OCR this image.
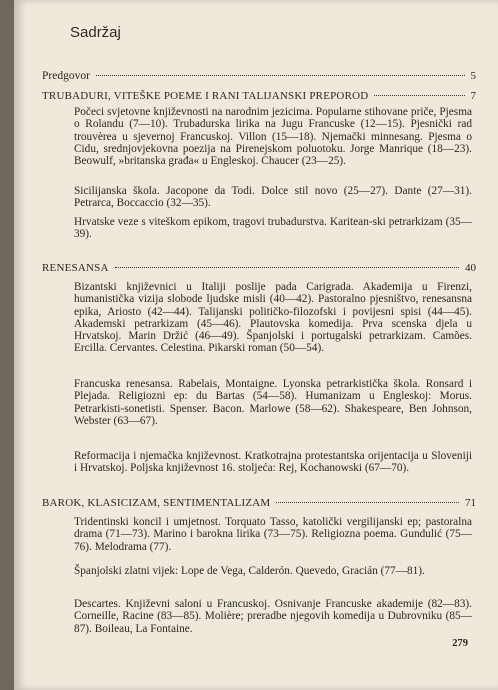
Sadržaj
Predgovor	5
TRUBADURI, VITEŠKE POEME I RANI TALIJANSKI PREPOROD	7

Počeci svjetovne književnosti na narodnim jezicima. Popularne stihovane priče, Pjesma o Rolandu (7—10). Trubadurska lirika na Jugu Francuske (12—15). Pjesnički rad trouvèrea u sjevernoj Francuskoj. Villon (15—18). Njemački minnesang. Pjesma o Cidu, srednjovjekovna poezija na Pirenejskom poluotoku. Jorge Manrique (18—23). Beowulf, »britanska građa« u Engleskoj. Chaucer (23—25).

Sicilijanska škola. Jacopone da Todi. Dolce stil novo (25—27). Dante (27—31). Petrarca, Boccaccio (32—35).

Hrvatske veze s viteškom epikom, tragovi trubadurstva. Karitean-ski petrarkizam (35—39).

RENESANSA	40

Bizantski književnici u Italiji poslije pada Carigrada. Akademija u Firenzi, humanistička vizija slobode ljudske misli (40—42). Pastoralno pjesništvo, renesansna epika, Ariosto (42—44). Talijanski političko-filozofski i povijesni spisi (44—45). Akademski petrarkizam (45—46). Plautovska komedija. Prva scenska djela u Hrvatskoj. Marin Držić (46—49). Španjolski i portugalski petrarkizam. Camões. Ercilla. Cervantes. Celestina. Pikarski roman (50—54).

Francuska renesansa. Rabelais, Montaigne. Lyonska petrarkistička škola. Ronsard i Plejada. Religiozni ep: du Bartas (54—58). Humanizam u Engleskoj: Morus. Petrarkisti-sonetisti. Spenser. Bacon. Marlowe (58—62). Shakespeare, Ben Johnson, Webster (63—67).

Reformacija i njemačka književnost. Kratkotrajna protestantska orijentacija u Sloveniji i Hrvatskoj. Poljska književnost 16. stoljeća: Rej, Kochanowski (67—70).

BAROK, KLASICIZAM, SENTIMENTALIZAM	71

Tridentinski koncil i umjetnost. Torquato Tasso, katolički vergilijanski ep; pastoralna drama (71—73). Marino i barokna lirika (73—75). Religiozna poema. Gundulić (75—76). Melodrama (77).

Španjolski zlatni vijek: Lope de Vega, Calderón. Quevedo, Gracián (77—81).

Descartes. Književni saloni u Francuskoj. Osnivanje Francuske akademije (82—83). Corneille, Racine (83—85). Molière; preradbe njegovih komedija u Dubrovniku (85—87). Boileau, La Fontaine.

279
